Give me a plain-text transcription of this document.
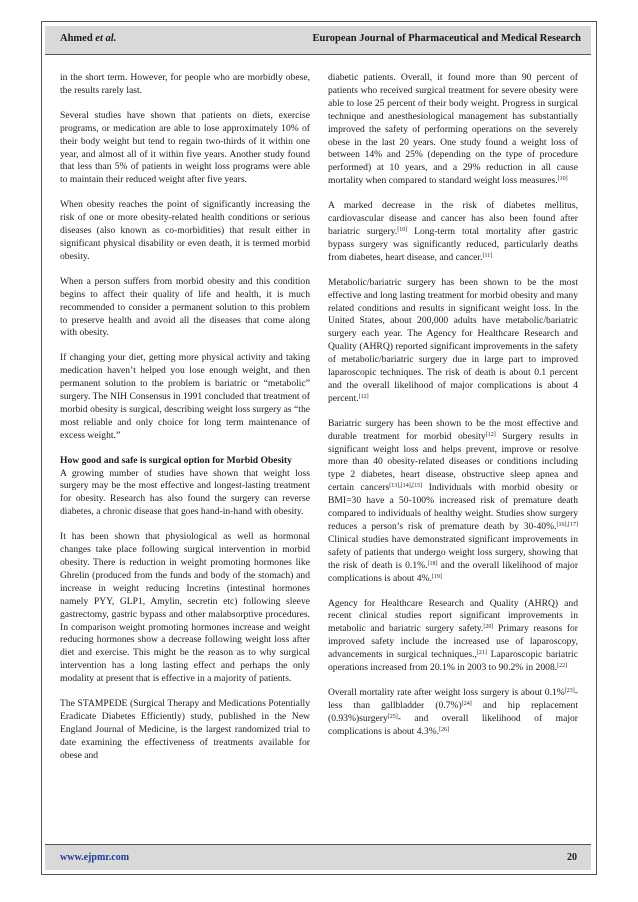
Ahmed et al.	European Journal of Pharmaceutical and Medical Research

in the short term. However, for people who are morbidly obese, the results rarely last.

Several studies have shown that patients on diets, exercise programs, or medication are able to lose approximately 10% of their body weight but tend to regain two-thirds of it within one year, and almost all of it within five years. Another study found that less than 5% of patients in weight loss programs were able to maintain their reduced weight after five years.

When obesity reaches the point of significantly increasing the risk of one or more obesity-related health conditions or serious diseases (also known as co-morbidities) that result either in significant physical disability or even death, it is termed morbid obesity.

When a person suffers from morbid obesity and this condition begins to affect their quality of life and health, it is much recommended to consider a permanent solution to this problem to preserve health and avoid all the diseases that come along with obesity.

If changing your diet, getting more physical activity and taking medication haven’t helped you lose enough weight, and then permanent solution to the problem is bariatric or “metabolic” surgery. The NIH Consensus in 1991 concluded that treatment of morbid obesity is surgical, describing weight loss surgery as “the most reliable and only choice for long term maintenance of excess weight.”

How good and safe is surgical option for Morbid Obesity

A growing number of studies have shown that weight loss surgery may be the most effective and longest-lasting treatment for obesity. Research has also found the surgery can reverse diabetes, a chronic disease that goes hand-in-hand with obesity.

It has been shown that physiological as well as hormonal changes take place following surgical intervention in morbid obesity. There is reduction in weight promoting hormones like Ghrelin (produced from the funds and body of the stomach) and increase in weight reducing Incretins (intestinal hormones namely PYY, GLP1, Amylin, secretin etc) following sleeve gastrectomy, gastric bypass and other malabsorptive procedures. In comparison weight promoting hormones increase and weight reducing hormones show a decrease following weight loss after diet and exercise. This might be the reason as to why surgical intervention has a long lasting effect and perhaps the only modality at present that is effective in a majority of patients.

The STAMPEDE (Surgical Therapy and Medications Potentially Eradicate Diabetes Efficiently) study, published in the New England Journal of Medicine, is the largest randomized trial to date examining the effectiveness of treatments available for obese and

diabetic patients. Overall, it found more than 90 percent of patients who received surgical treatment for severe obesity were able to lose 25 percent of their body weight. Progress in surgical technique and anesthesiological management has substantially improved the safety of performing operations on the severely obese in the last 20 years. One study found a weight loss of between 14% and 25% (depending on the type of procedure performed) at 10 years, and a 29% reduction in all cause mortality when compared to standard weight loss measures.[10]

A marked decrease in the risk of diabetes mellitus, cardiovascular disease and cancer has also been found after bariatric surgery.[10] Long-term total mortality after gastric bypass surgery was significantly reduced, particularly deaths from diabetes, heart disease, and cancer.[11]

Metabolic/bariatric surgery has been shown to be the most effective and long lasting treatment for morbid obesity and many related conditions and results in significant weight loss. In the United States, about 200,000 adults have metabolic/bariatric surgery each year. The Agency for Healthcare Research and Quality (AHRQ) reported significant improvements in the safety of metabolic/bariatric surgery due in large part to improved laparoscopic techniques. The risk of death is about 0.1 percent and the overall likelihood of major complications is about 4 percent.[12]

Bariatric surgery has been shown to be the most effective and durable treatment for morbid obesity[12] Surgery results in significant weight loss and helps prevent, improve or resolve more than 40 obesity-related diseases or conditions including type 2 diabetes, heart disease, obstructive sleep apnea and certain cancers[13],[14],[15] Individuals with morbid obesity or BMI=30 have a 50-100% increased risk of premature death compared to individuals of healthy weight. Studies show surgery reduces a person’s risk of premature death by 30-40%.[16],[17] Clinical studies have demonstrated significant improvements in safety of patients that undergo weight loss surgery, showing that the risk of death is 0.1%.[18] and the overall likelihood of major complications is about 4%.[19]

Agency for Healthcare Research and Quality (AHRQ) and recent clinical studies report significant improvements in metabolic and bariatric surgery safety.[20] Primary reasons for improved safety include the increased use of laparoscopy, advancements in surgical techniques.,[21] Laparoscopic bariatric operations increased from 20.1% in 2003 to 90.2% in 2008.[22]

Overall mortality rate after weight loss surgery is about 0.1%[23]-less than gallbladder (0.7%)[24] and hip replacement (0.93%)surgery[25]- and overall likelihood of major complications is about 4.3%.[26]

www.ejpmr.com	20
